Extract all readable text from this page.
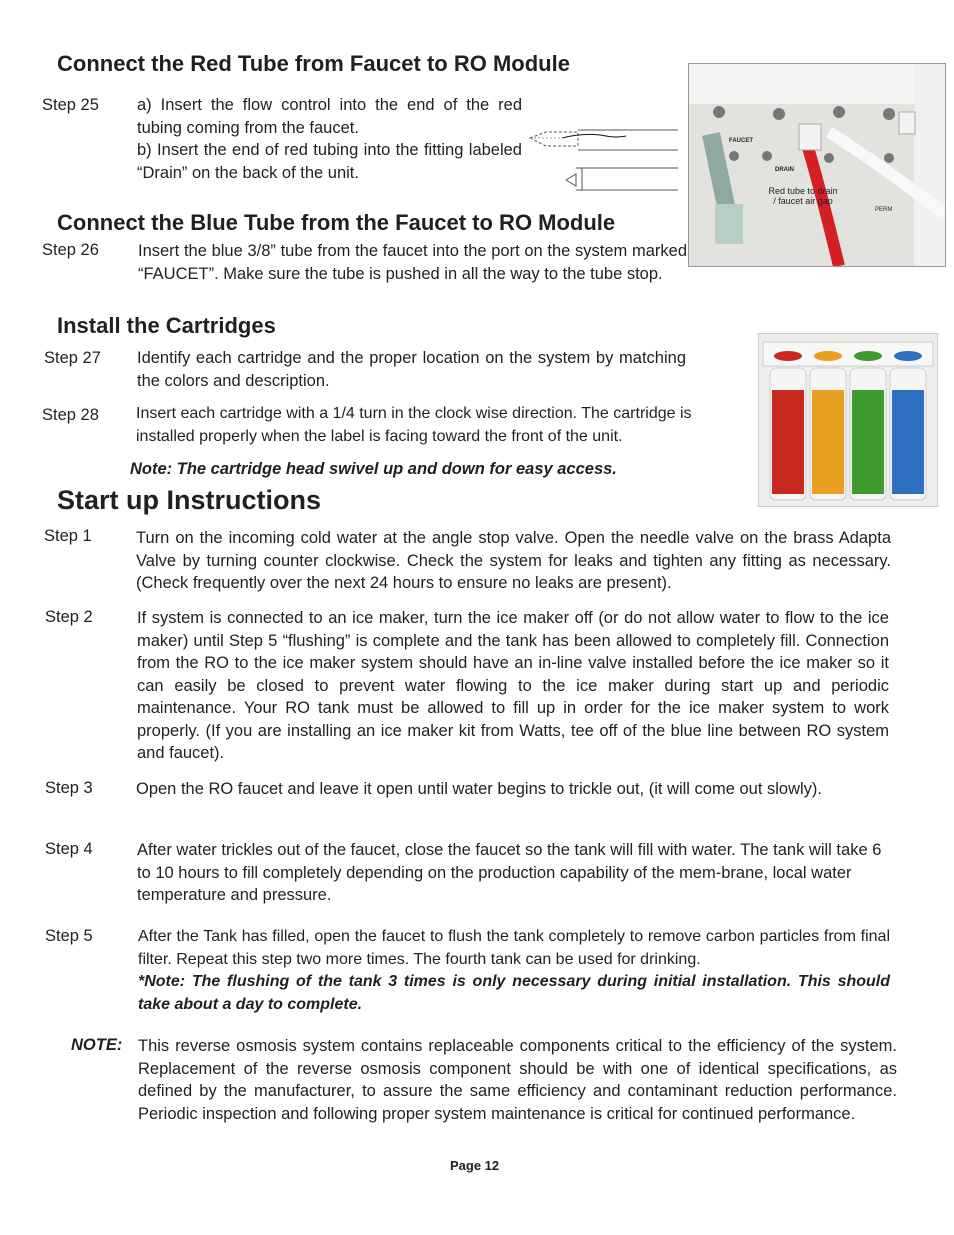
Connect the Red Tube from Faucet to RO Module
Step 25 a) Insert the flow control into the end of the red tubing coming from the faucet.

b) Insert the end of red tubing into the fitting labeled “Drain” on the back of the unit.

FAUCET
DRAIN
Red tube to drain / faucet air gap
PERM
Connect the Blue Tube from the Faucet to RO Module
Step 26 Insert the blue 3/8” tube from the faucet into the port on the system marked “FAUCET”. Make sure the tube is pushed in all the way to the tube stop.
Install the Cartridges
Step 27 Identify each cartridge and the proper location on the system by matching the colors and description.
Step 28 Insert each cartridge with a 1/4 turn in the clock wise direction. The cartridge is installed properly when the label is facing toward the front of the unit.
Note: The cartridge head swivel up and down for easy access.
Start up Instructions
Step 1	Turn on the incoming cold water at the angle stop valve. Open the needle valve on the brass Adapta Valve by turning counter clockwise. Check the system for leaks and tighten any fitting as necessary. (Check frequently over the next 24 hours to ensure no leaks are present).
Step 2	If system is connected to an ice maker, turn the ice maker off (or do not allow water to flow to the ice maker) until Step 5 “flushing” is complete and the tank has been allowed to completely fill. Connection from the RO to the ice maker system should have an in-line valve installed before the ice maker so it can easily be closed to prevent water flowing to the ice maker during start up and periodic maintenance. Your RO tank must be allowed to fill up in order for the ice maker system to work properly. (If you are installing an ice maker kit from Watts, tee off of the blue line between RO system and faucet).
Step 3	Open the RO faucet and leave it open until water begins to trickle out, (it will come out slowly).
Step 4	After water trickles out of the faucet, close the faucet so the tank will fill with water. The tank will take 6 to 10 hours to fill completely depending on the production capability of the mem-brane, local water temperature and pressure.
Step 5	After the Tank has filled, open the faucet to flush the tank completely to remove carbon particles from final filter. Repeat this step two more times. The fourth tank can be used for drinking.

*Note: The flushing of the tank 3 times is only necessary during initial installation. This should take about a day to complete.

NOTE: This reverse osmosis system contains replaceable components critical to the efficiency of the system. Replacement of the reverse osmosis component should be with one of identical specifications, as defined by the manufacturer, to assure the same efficiency and contaminant reduction performance. Periodic inspection and following proper system maintenance is critical for continued performance.
Page 12
